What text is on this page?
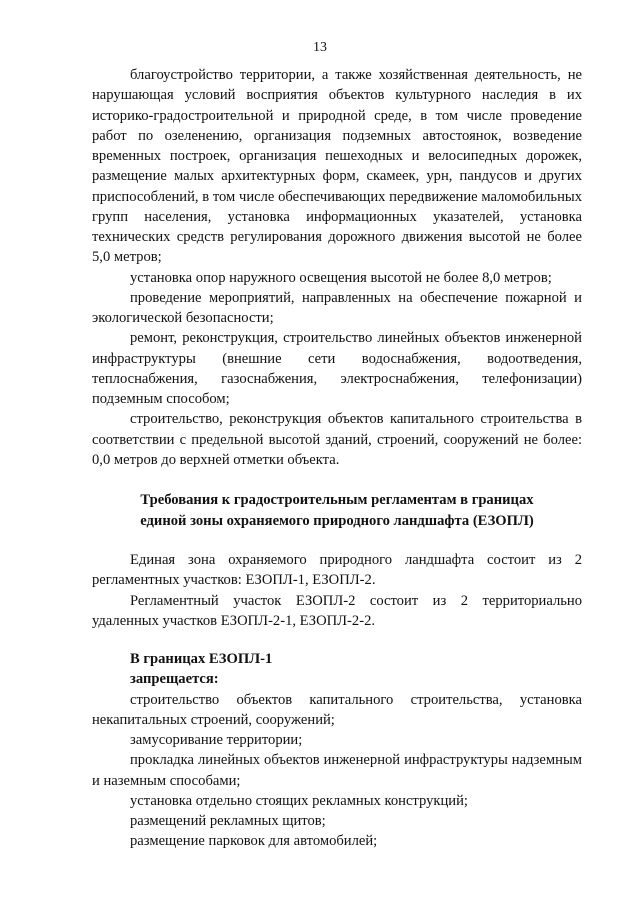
13

благоустройство территории, а также хозяйственная деятельность, не нарушающая условий восприятия объектов культурного наследия в их историко-градостроительной и природной среде, в том числе проведение работ по озеленению, организация подземных автостоянок, возведение временных построек, организация пешеходных и велосипедных дорожек, размещение малых архитектурных форм, скамеек, урн, пандусов и других приспособлений, в том числе обеспечивающих передвижение маломобильных групп населения, установка информационных указателей, установка технических средств регулирования дорожного движения высотой не более 5,0 метров;

установка опор наружного освещения высотой не более 8,0 метров;

проведение мероприятий, направленных на обеспечение пожарной и экологической безопасности;

ремонт, реконструкция, строительство линейных объектов инженерной инфраструктуры (внешние сети водоснабжения, водоотведения, теплоснабжения, газоснабжения, электроснабжения, телефонизации) подземным способом;

строительство, реконструкция объектов капитального строительства в соответствии с предельной высотой зданий, строений, сооружений не более: 0,0 метров до верхней отметки объекта.

Требования к градостроительным регламентам в границах
единой зоны охраняемого природного ландшафта (ЕЗОПЛ)

Единая зона охраняемого природного ландшафта состоит из 2 регламентных участков: ЕЗОПЛ-1, ЕЗОПЛ-2.

Регламентный участок ЕЗОПЛ-2 состоит из 2 территориально удаленных участков ЕЗОПЛ-2-1, ЕЗОПЛ-2-2.

В границах ЕЗОПЛ-1

запрещается:

строительство объектов капитального строительства, установка некапитальных строений, сооружений;

замусоривание территории;

прокладка линейных объектов инженерной инфраструктуры надземным и наземным способами;

установка отдельно стоящих рекламных конструкций;

размещений рекламных щитов;

размещение парковок для автомобилей;
